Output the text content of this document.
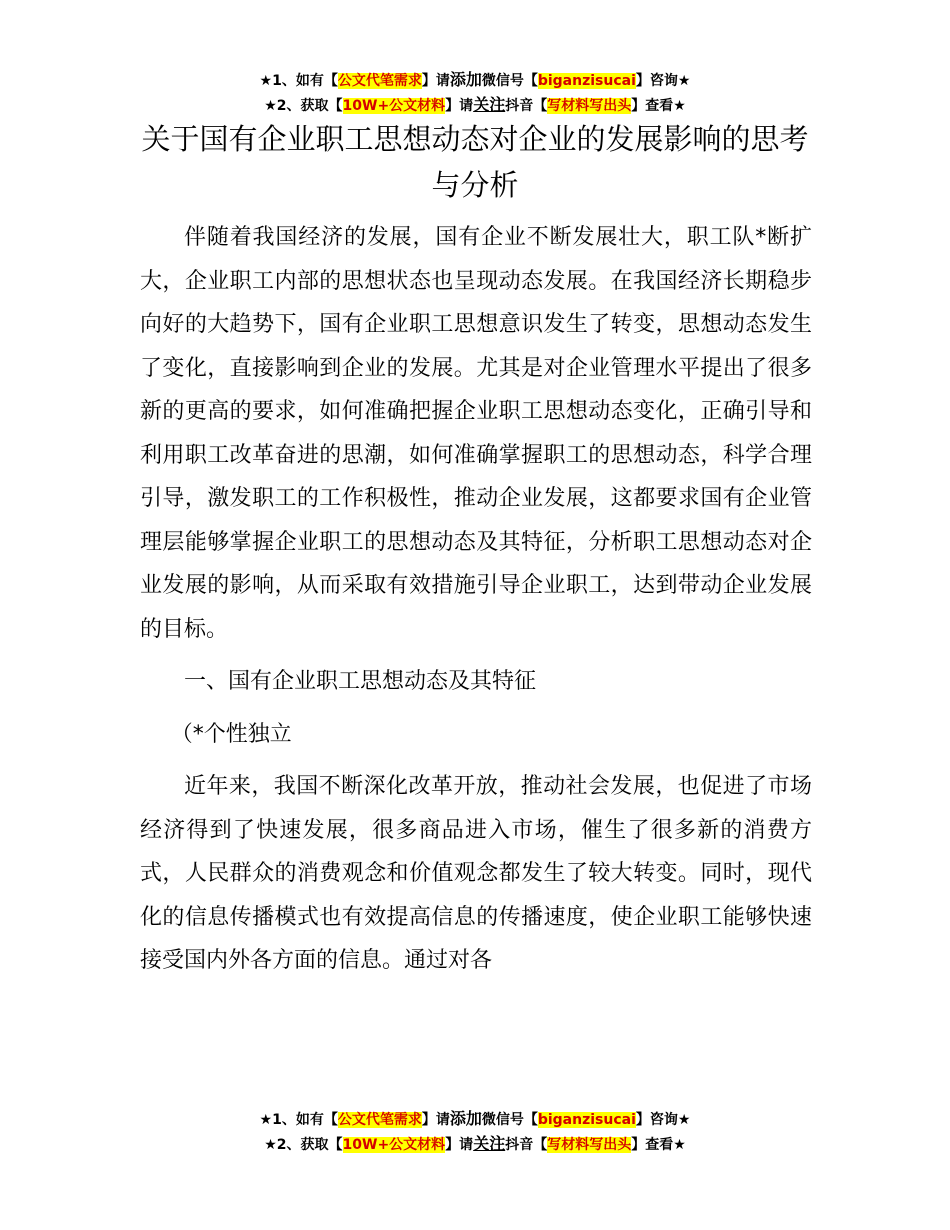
★1、如有【公文代笔需求】请添加微信号【biganzisucai】咨询★
★2、获取【10W+公文材料】请关注抖音【写材料写出头】查看★
关于国有企业职工思想动态对企业的发展影响的思考与分析

伴随着我国经济的发展，国有企业不断发展壮大，职工队*断扩大，企业职工内部的思想状态也呈现动态发展。在我国经济长期稳步向好的大趋势下，国有企业职工思想意识发生了转变，思想动态发生了变化，直接影响到企业的发展。尤其是对企业管理水平提出了很多新的更高的要求，如何准确把握企业职工思想动态变化，正确引导和利用职工改革奋进的思潮，如何准确掌握职工的思想动态，科学合理引导，激发职工的工作积极性，推动企业发展，这都要求国有企业管理层能够掌握企业职工的思想动态及其特征，分析职工思想动态对企业发展的影响，从而采取有效措施引导企业职工，达到带动企业发展的目标。

一、国有企业职工思想动态及其特征

（*个性独立

近年来，我国不断深化改革开放，推动社会发展，也促进了市场经济得到了快速发展，很多商品进入市场，催生了很多新的消费方式，人民群众的消费观念和价值观念都发生了较大转变。同时，现代化的信息传播模式也有效提高信息的传播速度，使企业职工能够快速接受国内外各方面的信息。通过对各

★1、如有【公文代笔需求】请添加微信号【biganzisucai】咨询★
★2、获取【10W+公文材料】请关注抖音【写材料写出头】查看★
